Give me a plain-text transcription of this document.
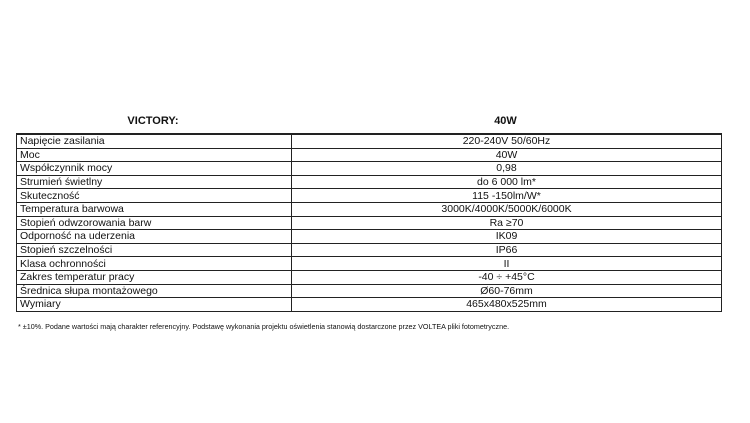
VICTORY:	40W
Napięcie zasilania	220-240V 50/60Hz
Moc	40W
Współczynnik mocy	0,98
Strumień świetlny	do 6 000 lm*
Skuteczność	115 -150lm/W*
Temperatura barwowa	3000K/4000K/5000K/6000K
Stopień odwzorowania barw	Ra ≥70
Odporność na uderzenia	IK09
Stopień szczelności	IP66
Klasa ochronności	II
Zakres temperatur pracy	-40 ÷ +45°C
Średnica słupa montażowego	Ø60-76mm
Wymiary	465x480x525mm
* ±10%. Podane wartości mają charakter referencyjny. Podstawę wykonania projektu oświetlenia stanowią dostarczone przez VOLTEA pliki fotometryczne.
